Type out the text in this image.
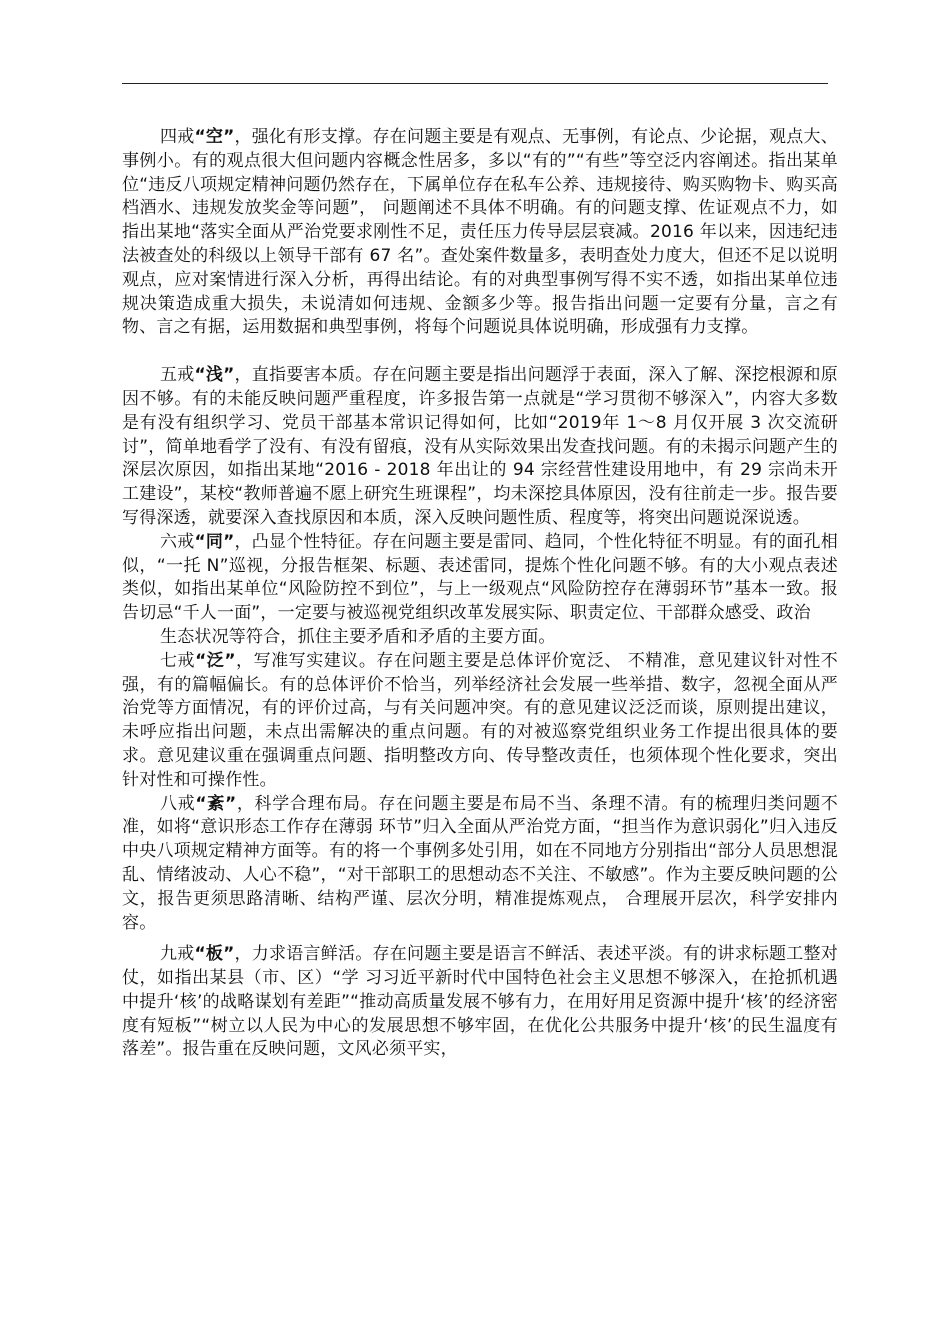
四戒“空”，强化有形支撑。存在问题主要是有观点、无事例，有论点、少论据，观点大、事例小。有的观点很大但问题内容概念性居多，多以“有的”“有些”等空泛内容阐述。指出某单位“违反八项规定精神问题仍然存在，下属单位存在私车公养、违规接待、购买购物卡、购买高档酒水、违规发放奖金等问题”， 问题阐述不具体不明确。有的问题支撑、佐证观点不力，如指出某地“落实全面从严治党要求刚性不足，责任压力传导层层衰减。2016 年以来，因违纪违法被查处的科级以上领导干部有 67 名”。查处案件数量多，表明查处力度大，但还不足以说明观点，应对案情进行深入分析，再得出结论。有的对典型事例写得不实不透，如指出某单位违规决策造成重大损失，未说清如何违规、金额多少等。报告指出问题一定要有分量，言之有物、言之有据，运用数据和典型事例，将每个问题说具体说明确，形成强有力支撑。

五戒“浅”，直指要害本质。存在问题主要是指出问题浮于表面，深入了解、深挖根源和原因不够。有的未能反映问题严重程度，许多报告第一点就是“学习贯彻不够深入”，内容大多数是有没有组织学习、党员干部基本常识记得如何，比如“2019年 1～8 月仅开展 3 次交流研讨”，简单地看学了没有、有没有留痕，没有从实际效果出发查找问题。有的未揭示问题产生的深层次原因，如指出某地“2016 - 2018 年出让的 94 宗经营性建设用地中，有 29 宗尚未开工建设”，某校“教师普遍不愿上研究生班课程”，均未深挖具体原因，没有往前走一步。报告要写得深透，就要深入查找原因和本质，深入反映问题性质、程度等，将突出问题说深说透。

六戒“同”，凸显个性特征。存在问题主要是雷同、趋同，个性化特征不明显。有的面孔相似，“一托 N”巡视，分报告框架、标题、表述雷同，提炼个性化问题不够。有的大小观点表述类似，如指出某单位“风险防控不到位”，与上一级观点“风险防控存在薄弱环节”基本一致。报告切忌“千人一面”，一定要与被巡视党组织改革发展实际、职责定位、干部群众感受、政治

生态状况等符合，抓住主要矛盾和矛盾的主要方面。

七戒“泛”，写准写实建议。存在问题主要是总体评价宽泛、 不精准，意见建议针对性不强，有的篇幅偏长。有的总体评价不恰当，列举经济社会发展一些举措、数字，忽视全面从严治党等方面情况，有的评价过高，与有关问题冲突。有的意见建议泛泛而谈，原则提出建议，未呼应指出问题，未点出需解决的重点问题。有的对被巡察党组织业务工作提出很具体的要求。意见建议重在强调重点问题、指明整改方向、传导整改责任，也须体现个性化要求，突出针对性和可操作性。

八戒“紊”，科学合理布局。存在问题主要是布局不当、条理不清。有的梳理归类问题不准，如将“意识形态工作存在薄弱 环节”归入全面从严治党方面，“担当作为意识弱化”归入违反中央八项规定精神方面等。有的将一个事例多处引用，如在不同地方分别指出“部分人员思想混乱、情绪波动、人心不稳”，“对干部职工的思想动态不关注、不敏感”。作为主要反映问题的公 文，报告更须思路清晰、结构严谨、层次分明，精准提炼观点， 合理展开层次，科学安排内容。

九戒“板”，力求语言鲜活。存在问题主要是语言不鲜活、表述平淡。有的讲求标题工整对仗，如指出某县（市、区）“学 习习近平新时代中国特色社会主义思想不够深入，在抢抓机遇中提升‘核’的战略谋划有差距”“推动高质量发展不够有力，在用好用足资源中提升‘核’的经济密度有短板”“树立以人民为中心的发展思想不够牢固，在优化公共服务中提升‘核’的民生温度有落差”。报告重在反映问题，文风必须平实，
